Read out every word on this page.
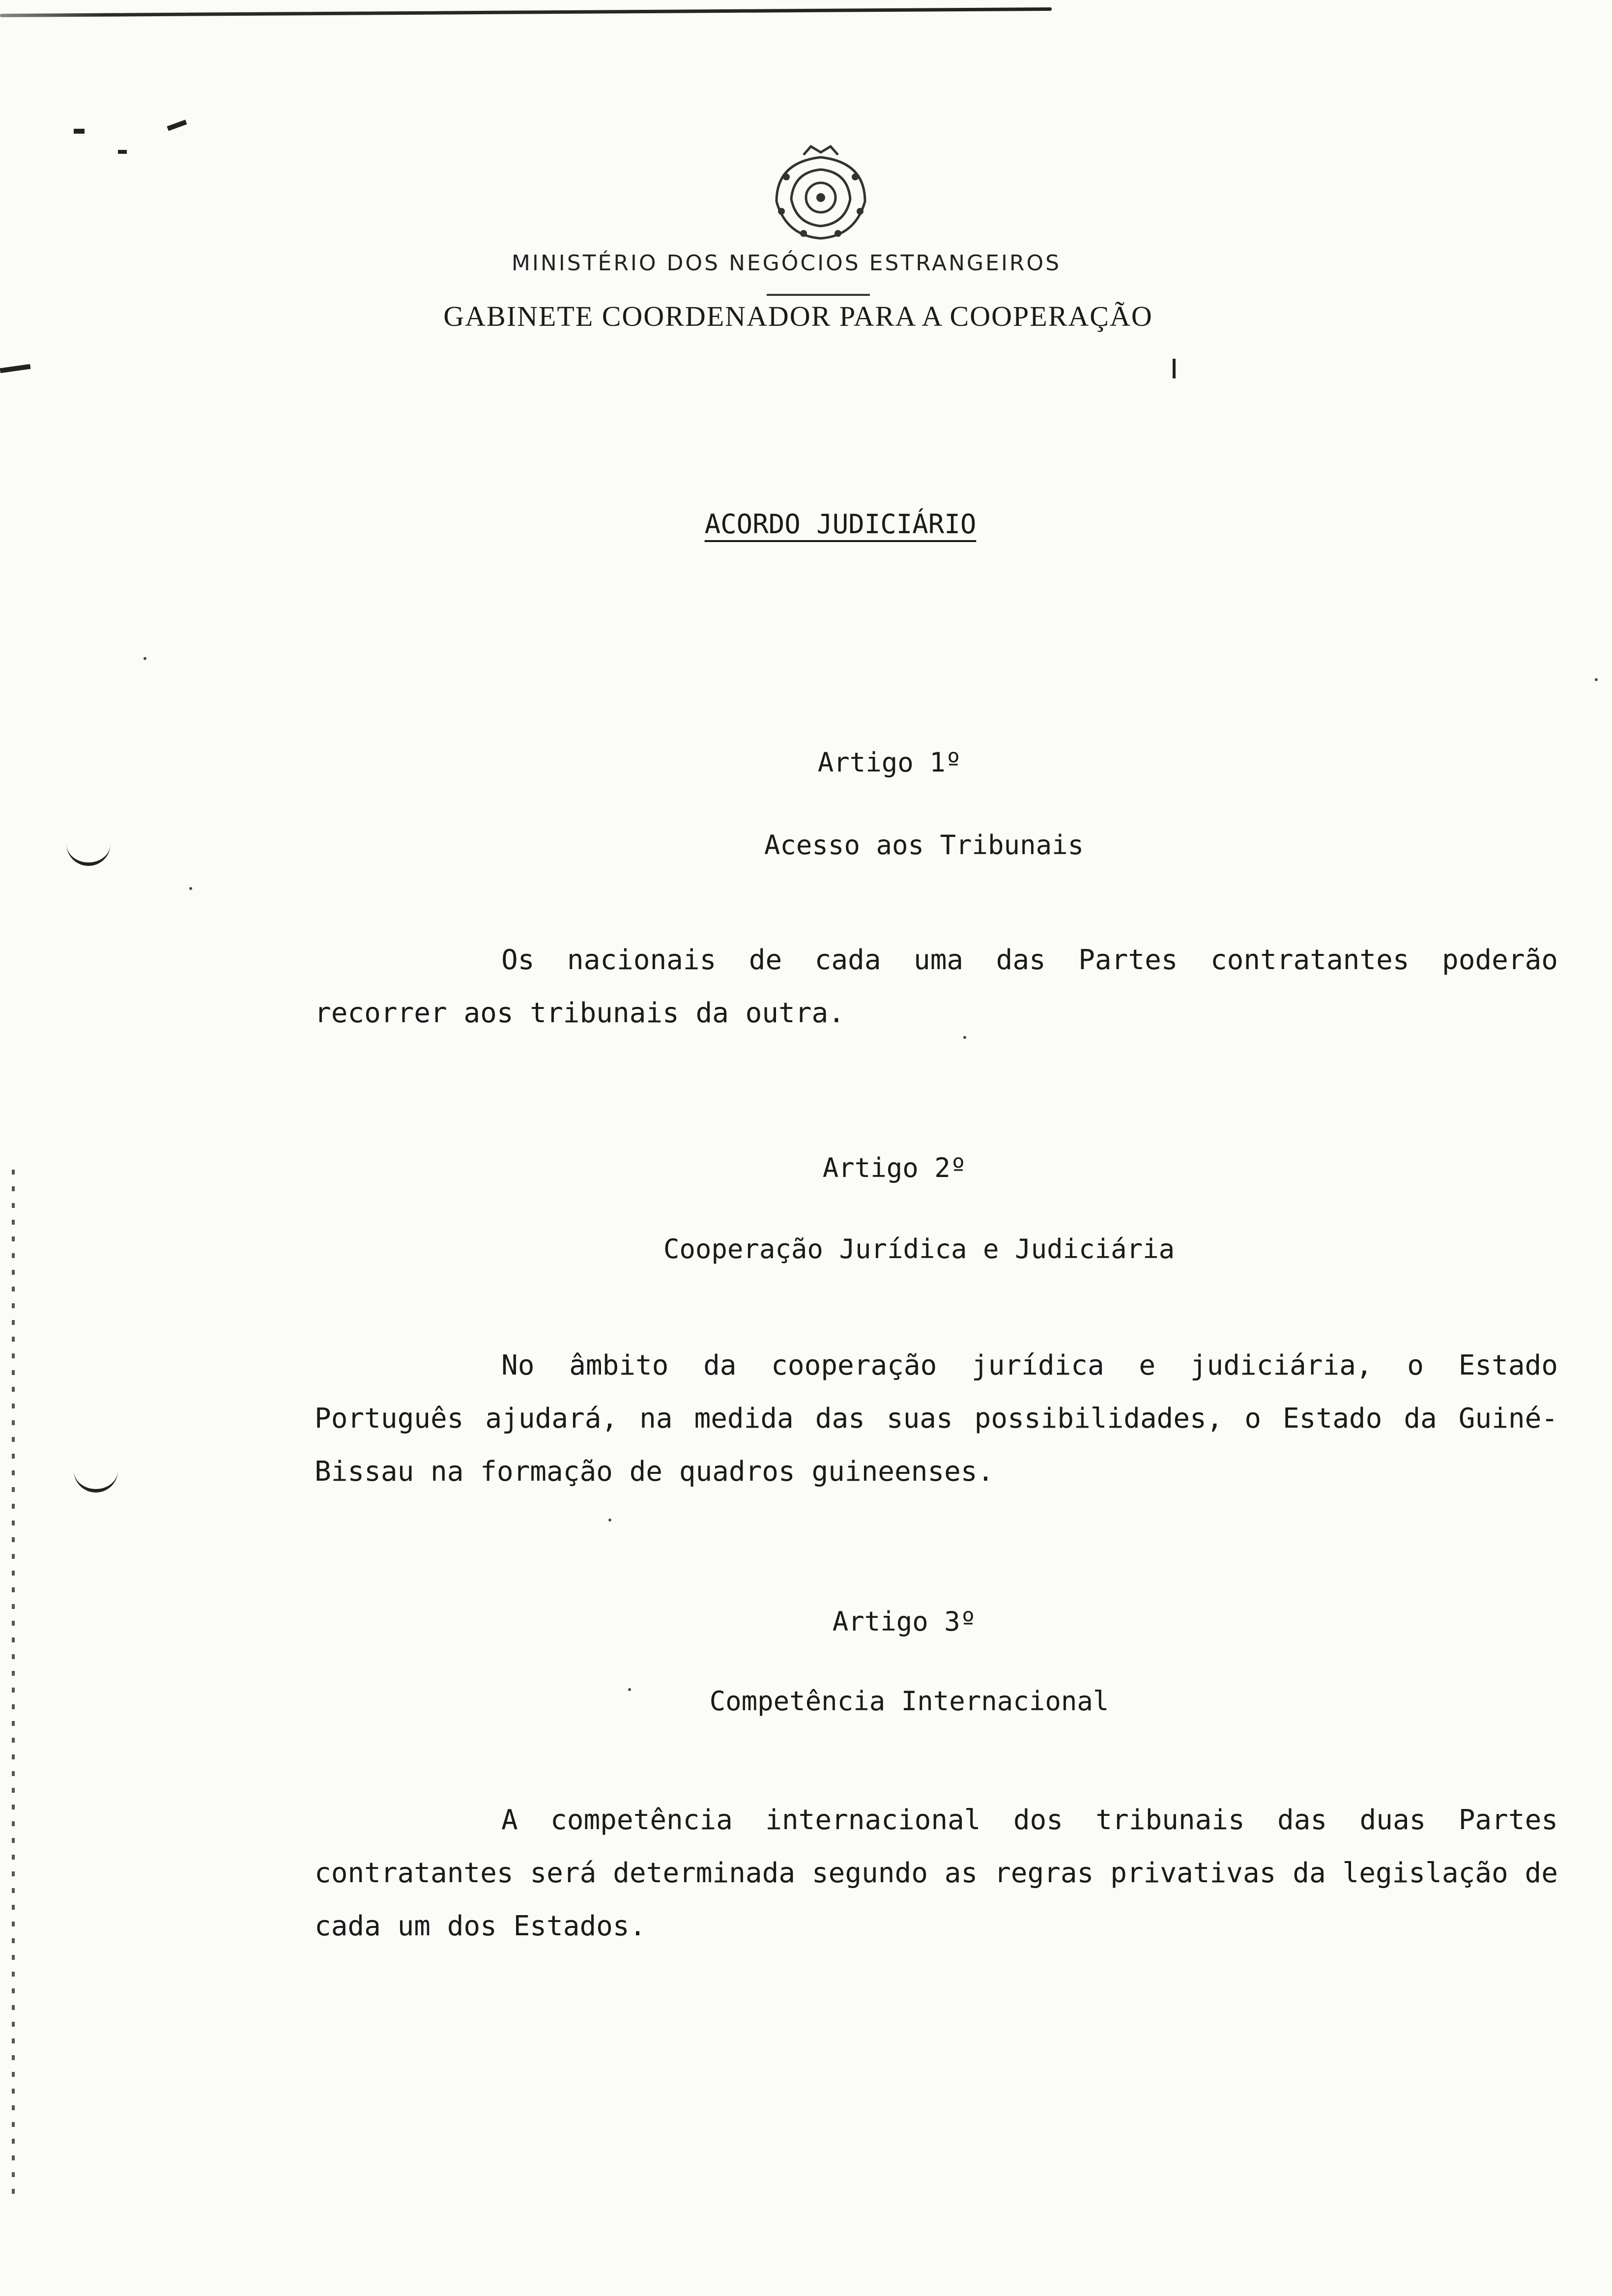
MINISTÉRIO DOS NEGÓCIOS ESTRANGEIROS
GABINETE COORDENADOR PARA A COOPERAÇÃO
ACORDO JUDICIÁRIO
Artigo 1º
Acesso aos Tribunais

Os nacionais de cada uma das Partes contratantes poderão recorrer aos tribunais da outra.

Artigo 2º
Cooperação Jurídica e Judiciária

No âmbito da cooperação jurídica e judiciária, o Estado Português ajudará, na medida das suas possibilidades, o Estado da Guiné-Bissau na formação de quadros guineenses.

Artigo 3º
Competência Internacional

A competência internacional dos tribunais das duas Partes contratantes será determinada segundo as regras privativas da legislação de cada um dos Estados.
